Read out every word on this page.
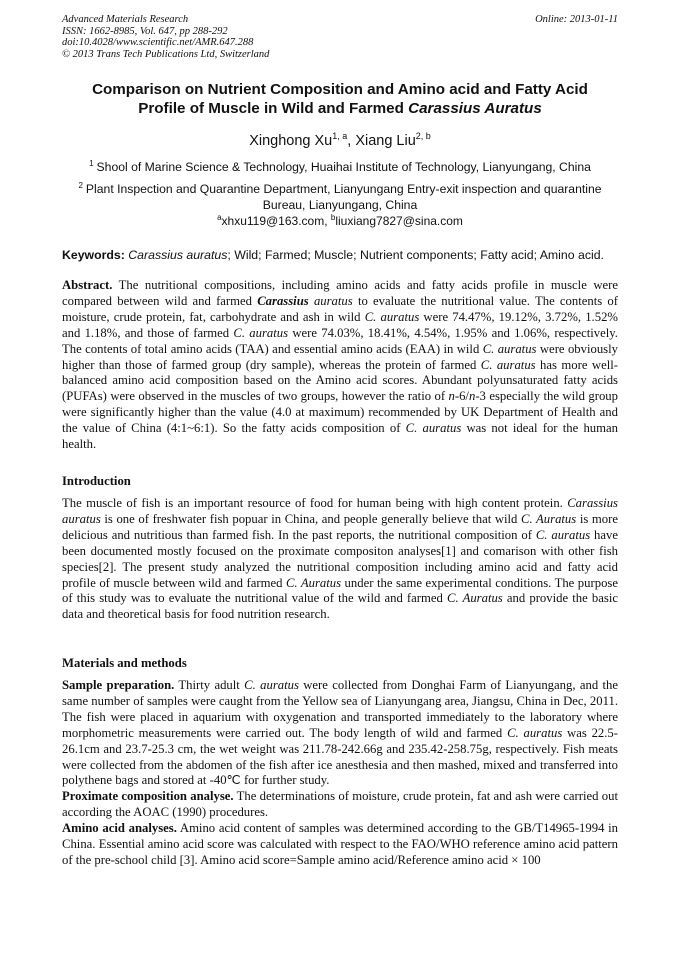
Advanced Materials Research
ISSN: 1662-8985, Vol. 647, pp 288-292
doi:10.4028/www.scientific.net/AMR.647.288
© 2013 Trans Tech Publications Ltd, Switzerland
Online: 2013-01-11
Comparison on Nutrient Composition and Amino acid and Fatty Acid
Profile of Muscle in Wild and Farmed Carassius Auratus
Xinghong Xu$^{1, a}$, Xiang Liu$^{2, b}$
$^1$ Shool of Marine Science & Technology, Huaihai Institute of Technology, Lianyungang, China
$^2$ Plant Inspection and Quarantine Department, Lianyungang Entry-exit inspection and quarantine
Bureau, Lianyungang, China
$^a$xhxu119@163.com, $^b$liuxiang7827@sina.com
Keywords: Carassius auratus; Wild; Farmed; Muscle; Nutrient components; Fatty acid; Amino acid.
Abstract. The nutritional compositions, including amino acids and fatty acids profile in muscle were compared between wild and farmed Carassius auratus to evaluate the nutritional value. The contents of moisture, crude protein, fat, carbohydrate and ash in wild C. auratus were 74.47%, 19.12%, 3.72%, 1.52% and 1.18%, and those of farmed C. auratus were 74.03%, 18.41%, 4.54%, 1.95% and 1.06%, respectively. The contents of total amino acids (TAA) and essential amino acids (EAA) in wild C. auratus were obviously higher than those of farmed group (dry sample), whereas the protein of farmed C. auratus has more well-balanced amino acid composition based on the Amino acid scores. Abundant polyunsaturated fatty acids (PUFAs) were observed in the muscles of two groups, however the ratio of n-6/n-3 especially the wild group were significantly higher than the value (4.0 at maximum) recommended by UK Department of Health and the value of China (4:1~6:1). So the fatty acids composition of C. auratus was not ideal for the human health.
Introduction
The muscle of fish is an important resource of food for human being with high content protein. Carassius auratus is one of freshwater fish popuar in China, and people generally believe that wild C. Auratus is more delicious and nutritious than farmed fish. In the past reports, the nutritional composition of C. auratus have been documented mostly focused on the proximate compositon analyses[1] and comarison with other fish species[2]. The present study analyzed the nutritional composition including amino acid and fatty acid profile of muscle between wild and farmed C. Auratus under the same experimental conditions. The purpose of this study was to evaluate the nutritional value of the wild and farmed C. Auratus and provide the basic data and theoretical basis for food nutrition research.
Materials and methods
Sample preparation. Thirty adult C. auratus were collected from Donghai Farm of Lianyungang, and the same number of samples were caught from the Yellow sea of Lianyungang area, Jiangsu, China in Dec, 2011. The fish were placed in aquarium with oxygenation and transported immediately to the laboratory where morphometric measurements were carried out. The body length of wild and farmed C. auratus was 22.5-26.1cm and 23.7-25.3 cm, the wet weight was 211.78-242.66g and 235.42-258.75g, respectively. Fish meats were collected from the abdomen of the fish after ice anesthesia and then mashed, mixed and transferred into polythene bags and stored at -40℃ for further study.
Proximate composition analyse. The determinations of moisture, crude protein, fat and ash were carried out according the AOAC (1990) procedures.
Amino acid analyses. Amino acid content of samples was determined according to the GB/T14965-1994 in China. Essential amino acid score was calculated with respect to the FAO/WHO reference amino acid pattern of the pre-school child [3]. Amino acid score=Sample amino acid/Reference amino acid × 100
